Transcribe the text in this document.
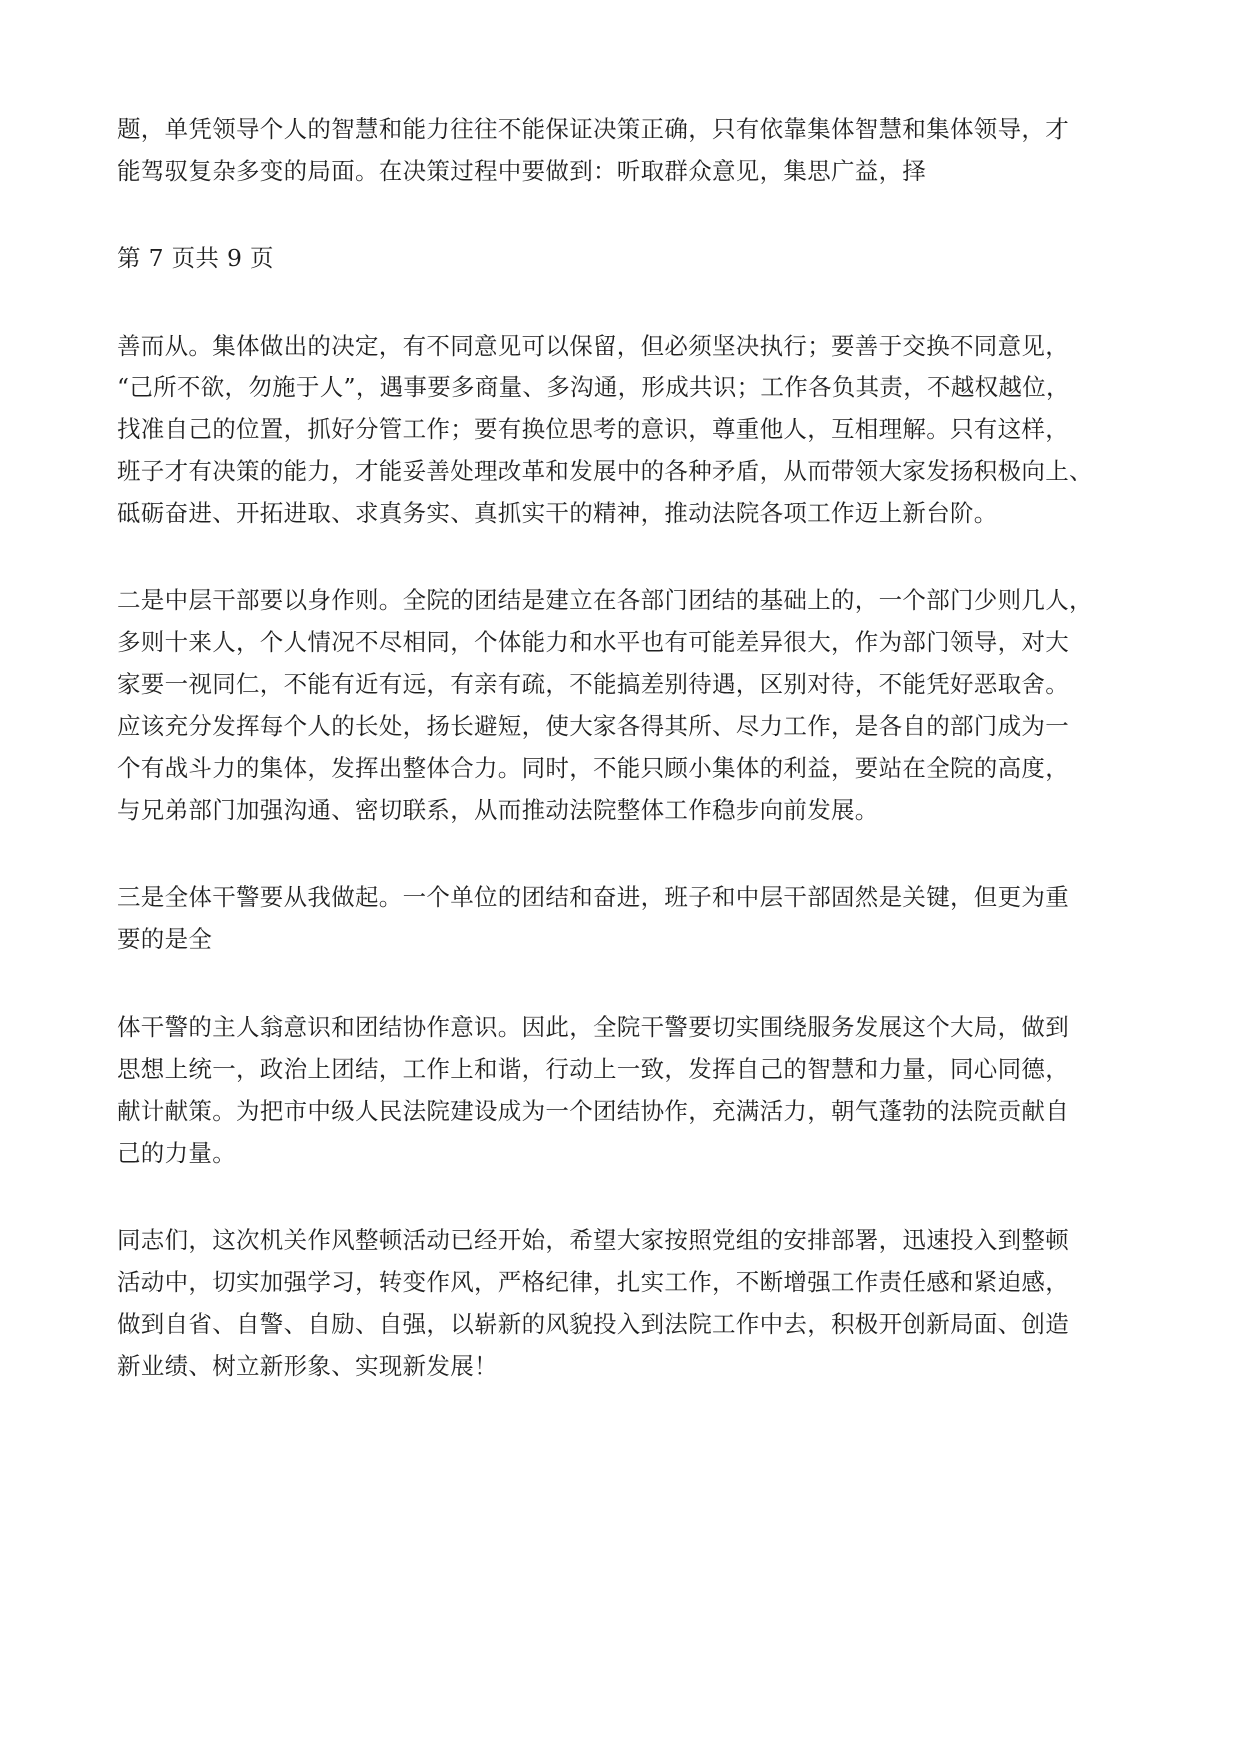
题，单凭领导个人的智慧和能力往往不能保证决策正确，只有依靠集体智慧和集体领导，才

能驾驭复杂多变的局面。在决策过程中要做到：听取群众意见，集思广益，择

第 7 页共 9 页

善而从。集体做出的决定，有不同意见可以保留，但必须坚决执行；要善于交换不同意见，

“己所不欲，勿施于人”，遇事要多商量、多沟通，形成共识；工作各负其责，不越权越位，

找准自己的位置，抓好分管工作；要有换位思考的意识，尊重他人，互相理解。只有这样，

班子才有决策的能力，才能妥善处理改革和发展中的各种矛盾，从而带领大家发扬积极向上、

砥砺奋进、开拓进取、求真务实、真抓实干的精神，推动法院各项工作迈上新台阶。

二是中层干部要以身作则。全院的团结是建立在各部门团结的基础上的，一个部门少则几人，

多则十来人，个人情况不尽相同，个体能力和水平也有可能差异很大，作为部门领导，对大

家要一视同仁，不能有近有远，有亲有疏，不能搞差别待遇，区别对待，不能凭好恶取舍。

应该充分发挥每个人的长处，扬长避短，使大家各得其所、尽力工作，是各自的部门成为一

个有战斗力的集体，发挥出整体合力。同时，不能只顾小集体的利益，要站在全院的高度，

与兄弟部门加强沟通、密切联系，从而推动法院整体工作稳步向前发展。

三是全体干警要从我做起。一个单位的团结和奋进，班子和中层干部固然是关键，但更为重

要的是全

体干警的主人翁意识和团结协作意识。因此，全院干警要切实围绕服务发展这个大局，做到

思想上统一，政治上团结，工作上和谐，行动上一致，发挥自己的智慧和力量，同心同德，

献计献策。为把市中级人民法院建设成为一个团结协作，充满活力，朝气蓬勃的法院贡献自

己的力量。

同志们，这次机关作风整顿活动已经开始，希望大家按照党组的安排部署，迅速投入到整顿

活动中，切实加强学习，转变作风，严格纪律，扎实工作，不断增强工作责任感和紧迫感，

做到自省、自警、自励、自强，以崭新的风貌投入到法院工作中去，积极开创新局面、创造

新业绩、树立新形象、实现新发展！
